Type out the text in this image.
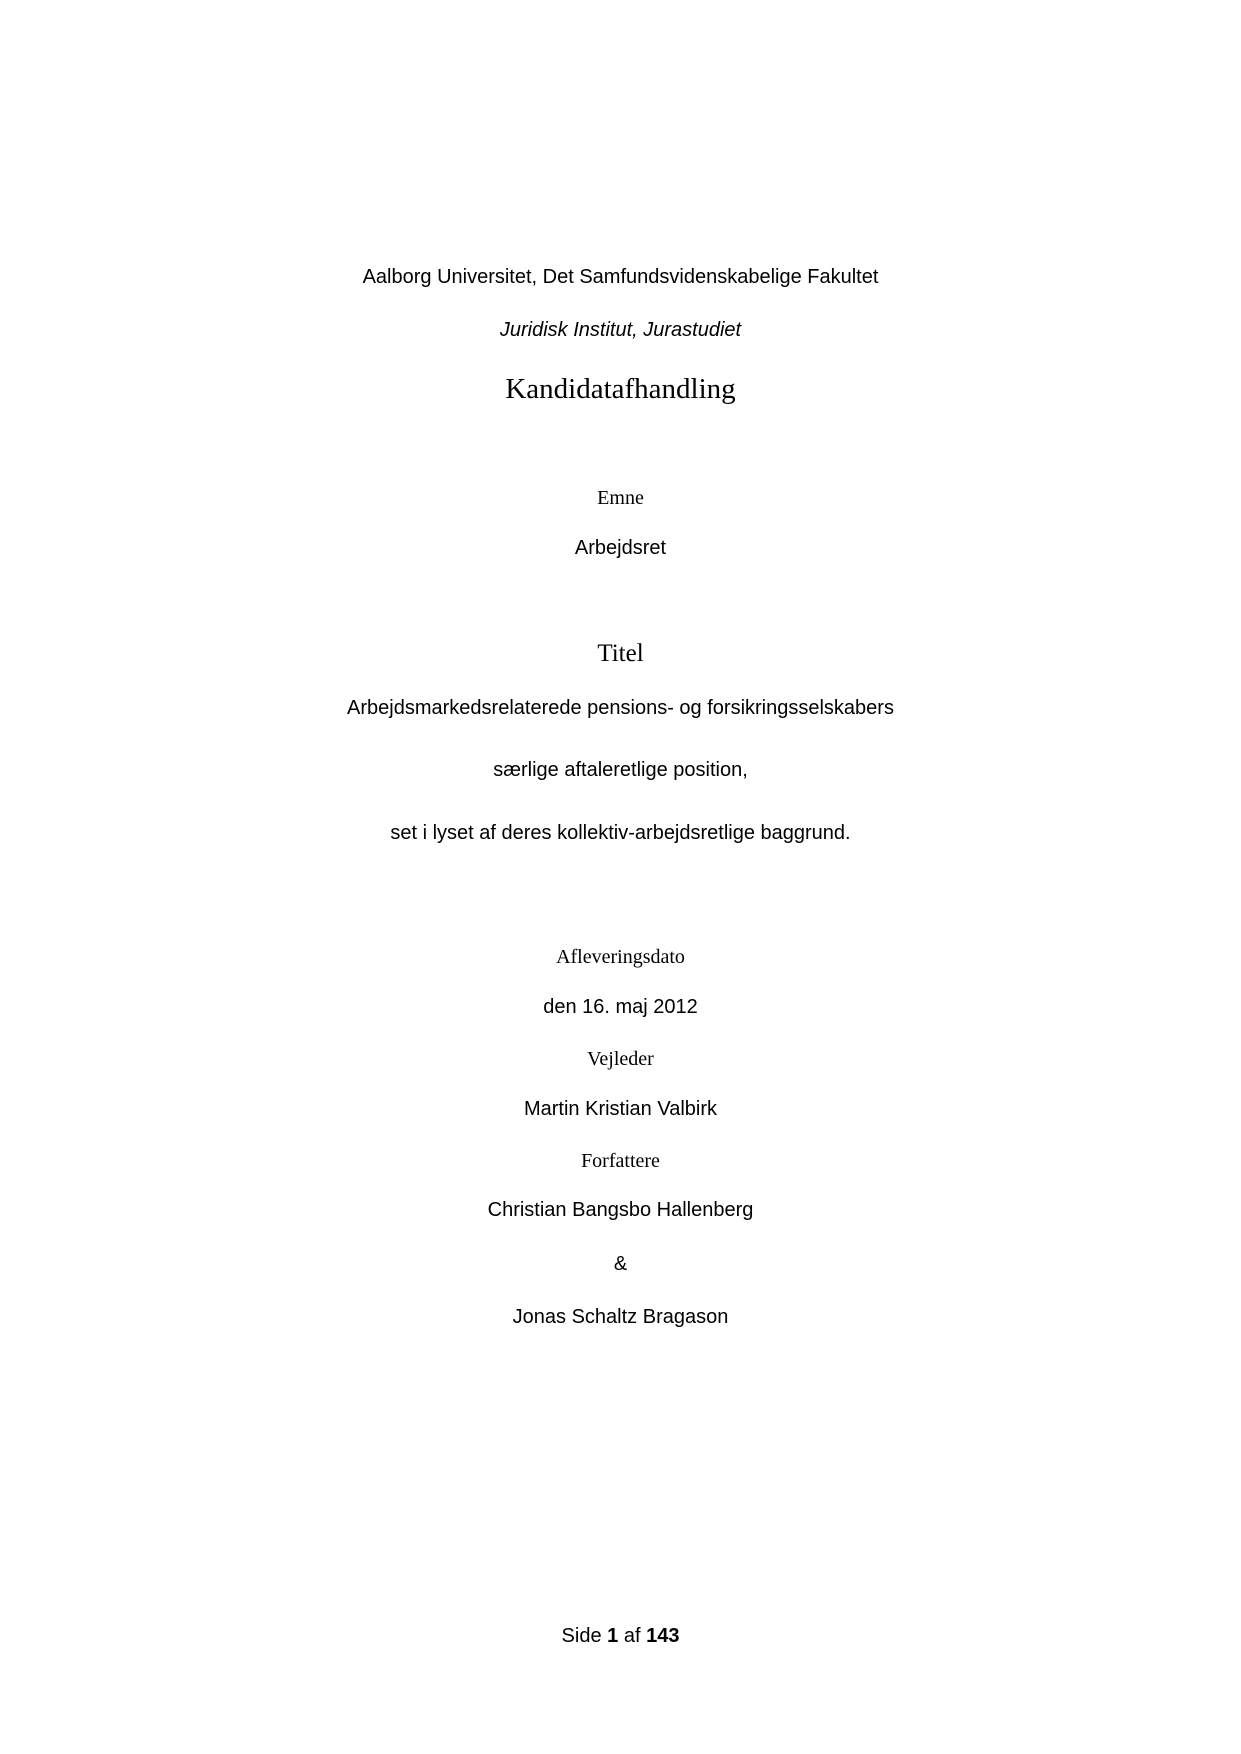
Aalborg Universitet, Det Samfundsvidenskabelige Fakultet
Juridisk Institut, Jurastudiet
Kandidatafhandling
Emne
Arbejdsret
Titel
Arbejdsmarkedsrelaterede pensions- og forsikringsselskabers
særlige aftaleretlige position,
set i lyset af deres kollektiv-arbejdsretlige baggrund.
Afleveringsdato
den 16. maj 2012
Vejleder
Martin Kristian Valbirk
Forfattere
Christian Bangsbo Hallenberg
&
Jonas Schaltz Bragason
Side 1 af 143
